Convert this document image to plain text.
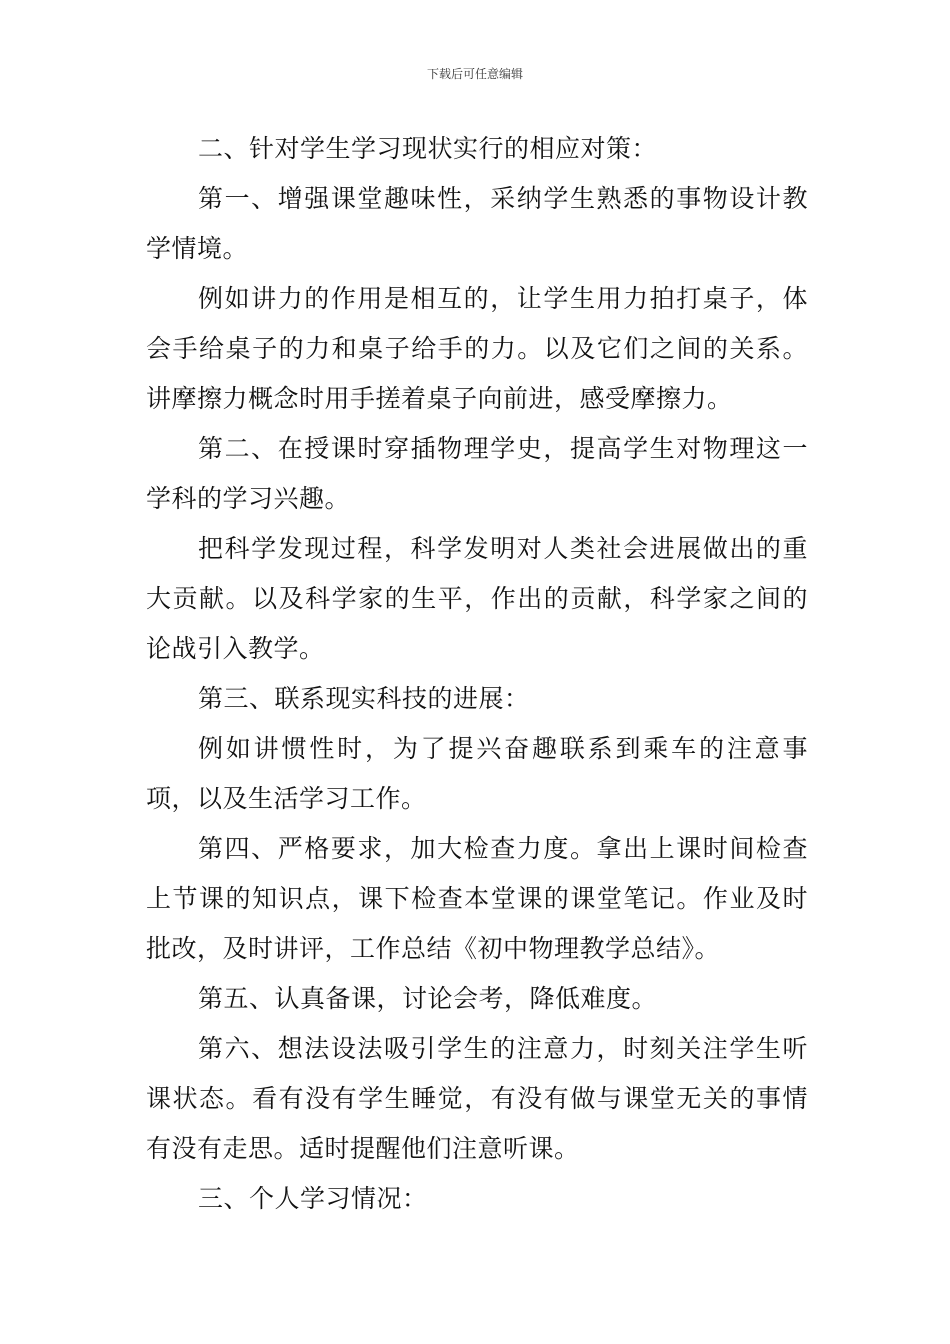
下载后可任意编辑

二、针对学生学习现状实行的相应对策：

第一、增强课堂趣味性，采纳学生熟悉的事物设计教学情境。

例如讲力的作用是相互的，让学生用力拍打桌子，体会手给桌子的力和桌子给手的力。以及它们之间的关系。讲摩擦力概念时用手搓着桌子向前进，感受摩擦力。

第二、在授课时穿插物理学史，提高学生对物理这一学科的学习兴趣。

把科学发现过程，科学发明对人类社会进展做出的重大贡献。以及科学家的生平，作出的贡献，科学家之间的论战引入教学。

第三、联系现实科技的进展：

例如讲惯性时，为了提兴奋趣联系到乘车的注意事项，以及生活学习工作。

第四、严格要求，加大检查力度。拿出上课时间检查上节课的知识点，课下检查本堂课的课堂笔记。作业及时批改，及时讲评，工作总结《初中物理教学总结》。

第五、认真备课，讨论会考，降低难度。

第六、想法设法吸引学生的注意力，时刻关注学生听课状态。看有没有学生睡觉，有没有做与课堂无关的事情有没有走思。适时提醒他们注意听课。

三、个人学习情况：
